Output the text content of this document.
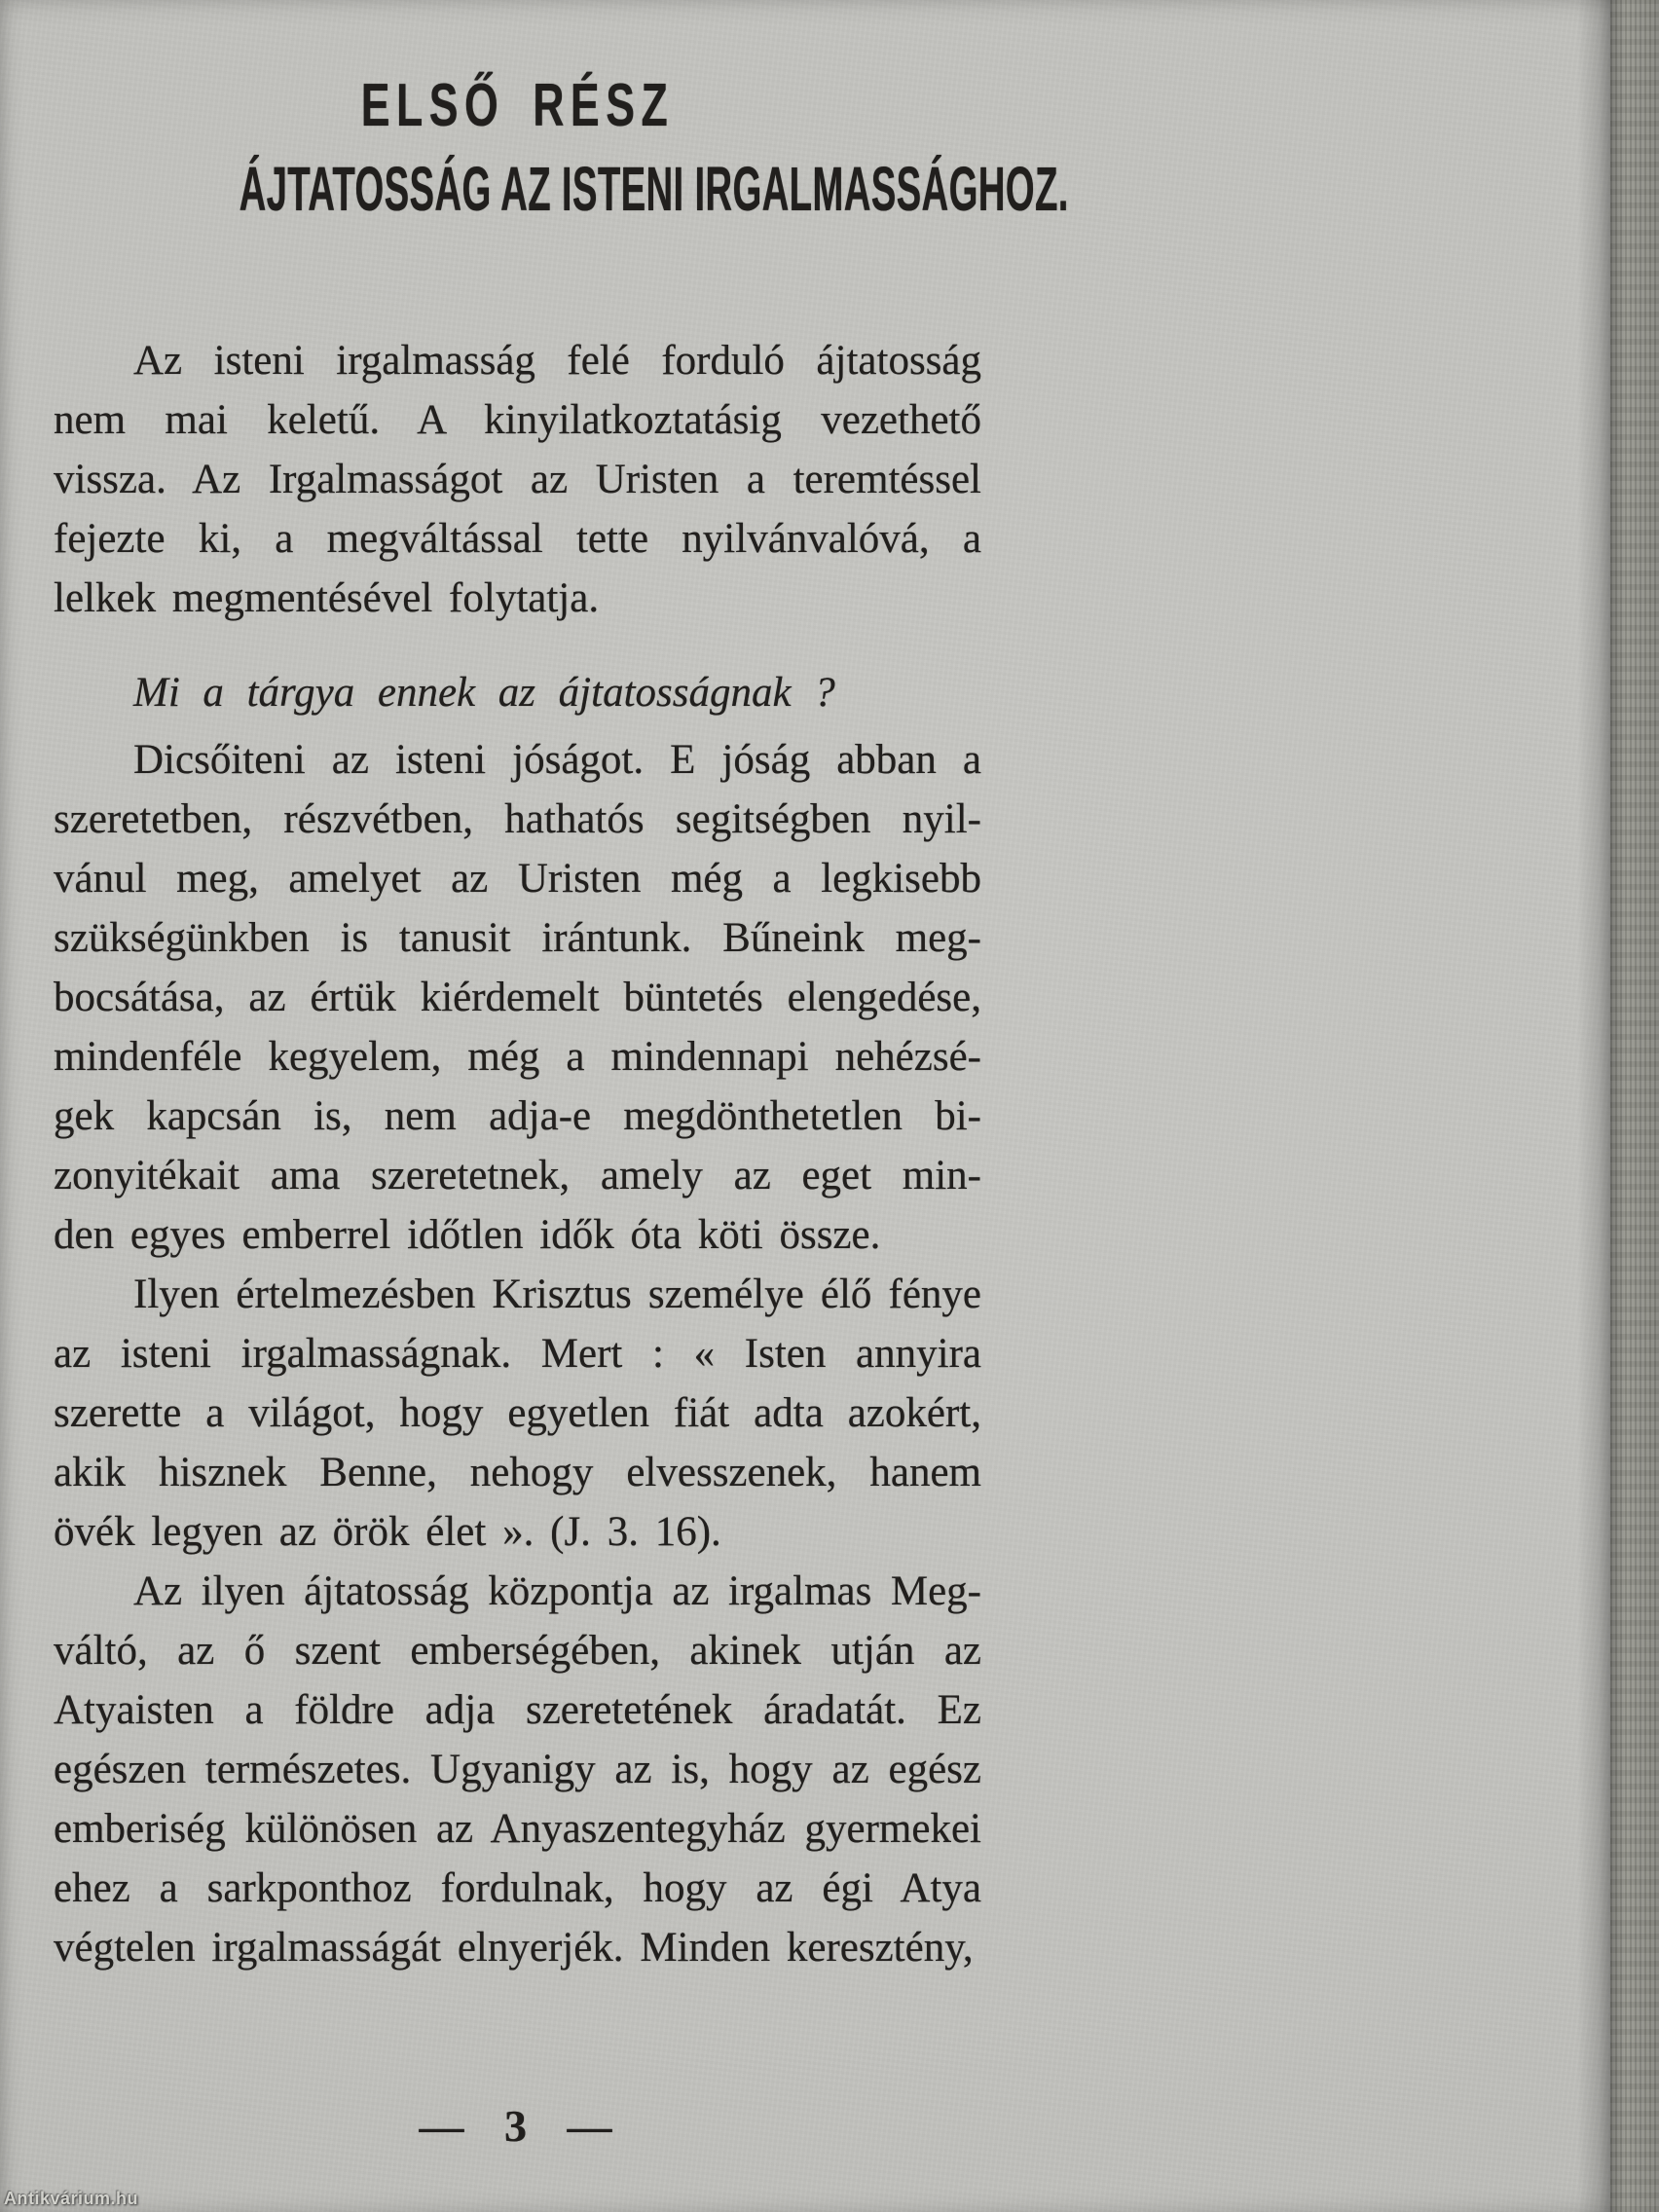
ELSŐ RÉSZ
ÁJTATOSSÁG AZ ISTENI IRGALMASSÁGHOZ.
Az isteni irgalmasság felé forduló ájtatosság
nem mai keletű. A kinyilatkoztatásig vezethető
vissza. Az Irgalmasságot az Uristen a teremtéssel
fejezte ki, a megváltással tette nyilvánvalóvá, a
lelkek megmentésével folytatja.
Mi a tárgya ennek az ájtatosságnak ?
Dicsőiteni az isteni jóságot. E jóság abban a
szeretetben, részvétben, hathatós segitségben nyil-
vánul meg, amelyet az Uristen még a legkisebb
szükségünkben is tanusit irántunk. Bűneink meg-
bocsátása, az értük kiérdemelt büntetés elengedése,
mindenféle kegyelem, még a mindennapi nehézsé-
gek kapcsán is, nem adja-e megdönthetetlen bi-
zonyitékait ama szeretetnek, amely az eget min-
den egyes emberrel időtlen idők óta köti össze.
Ilyen értelmezésben Krisztus személye élő fénye
az isteni irgalmasságnak. Mert : « Isten annyira
szerette a világot, hogy egyetlen fiát adta azokért,
akik hisznek Benne, nehogy elvesszenek, hanem
övék legyen az örök élet ». (J. 3. 16).
Az ilyen ájtatosság központja az irgalmas Meg-
váltó, az ő szent emberségében, akinek utján az
Atyaisten a földre adja szeretetének áradatát. Ez
egészen természetes. Ugyanigy az is, hogy az egész
emberiség különösen az Anyaszentegyház gyermekei
ehez a sarkponthoz fordulnak, hogy az égi Atya
végtelen irgalmasságát elnyerjék. Minden keresztény,
— 3 —
Antikvárium.hu
